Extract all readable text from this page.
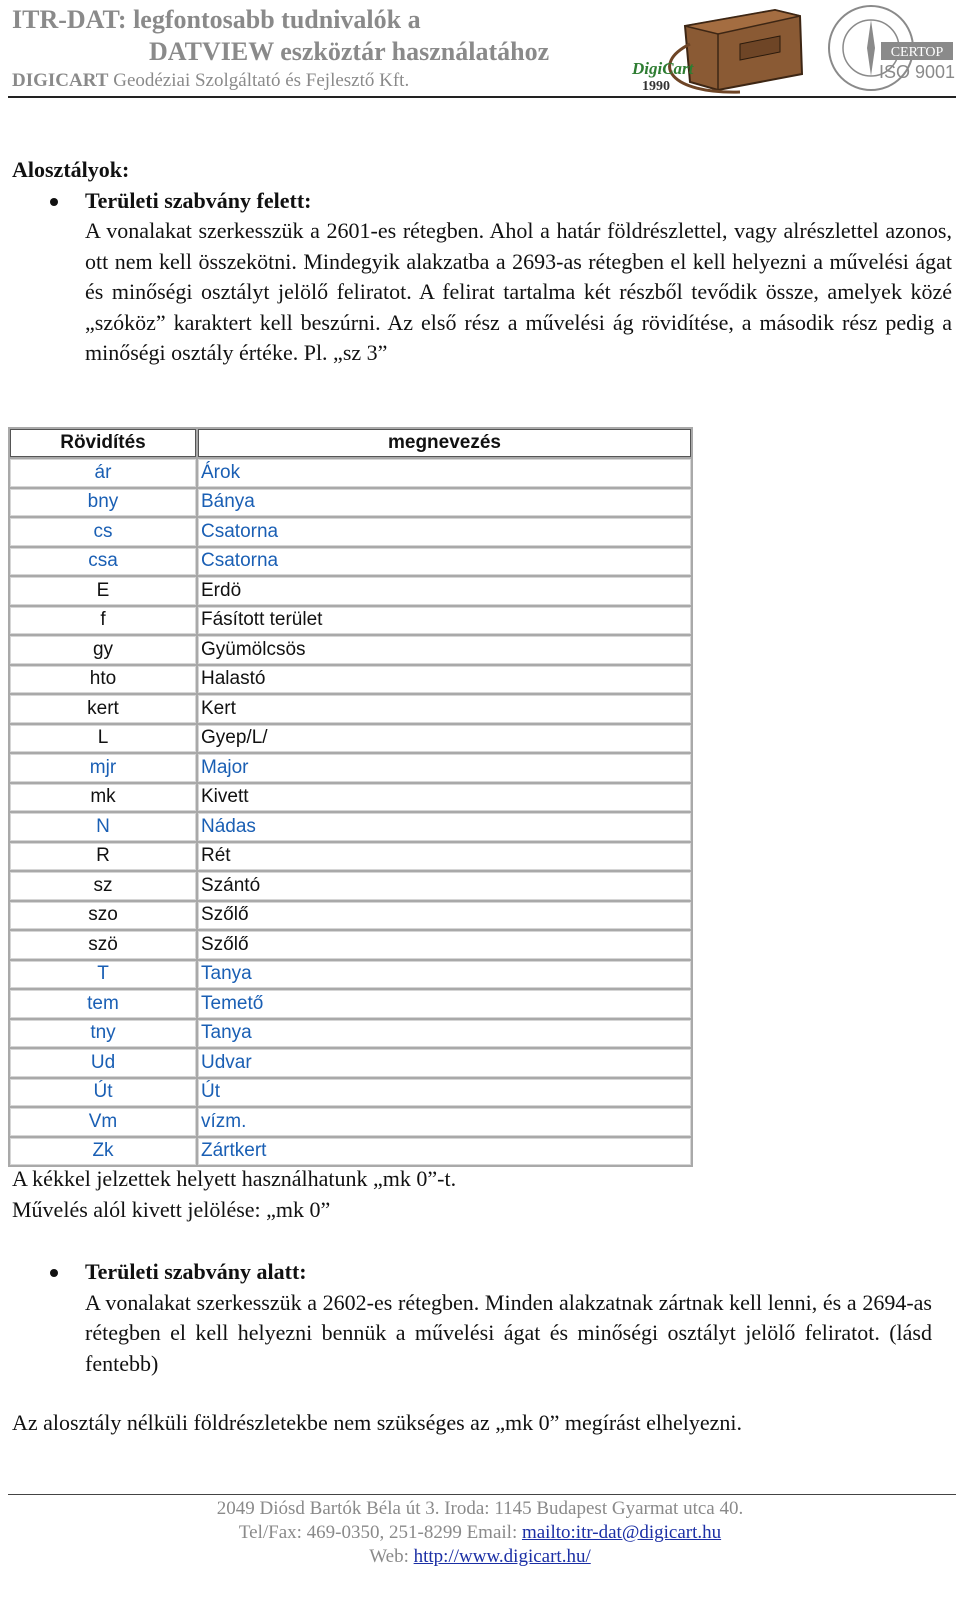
ITR-DAT: legfontosabb tudnivalók a
DATVIEW eszköztár használatához
DIGICART Geodéziai Szolgáltató és Fejlesztő Kft.
DigiCart
1990
CERTOP
ISO 9001

Alosztályok:

Területi szabvány felett:
A vonalakat szerkesszük a 2601-es rétegben. Ahol a határ földrészlettel, vagy alrészlettel azonos, ott nem kell összekötni. Mindegyik alakzatba a 2693-as rétegben el kell helyezni a művelési ágat és minőségi osztályt jelölő feliratot. A felirat tartalma két részből tevődik össze, amelyek közé „szóköz” karaktert kell beszúrni. Az első rész a művelési ág rövidítése, a második rész pedig a minőségi osztály értéke. Pl. „sz 3”
Rövidítés	megnevezés
ár	Árok
bny	Bánya
cs	Csatorna
csa	Csatorna
E	Erdö
f	Fásított terület
gy	Gyümölcsös
hto	Halastó
kert	Kert
L	Gyep/L/
mjr	Major
mk	Kivett
N	Nádas
R	Rét
sz	Szántó
szo	Szőlő
szö	Szőlő
T	Tanya
tem	Temető
tny	Tanya
Ud	Udvar
Út	Út
Vm	vízm.
Zk	Zártkert
A kékkel jelzettek helyett használhatunk „mk 0”-t.
Művelés alól kivett jelölése: „mk 0”
Területi szabvány alatt:
A vonalakat szerkesszük a 2602-es rétegben. Minden alakzatnak zártnak kell lenni, és a 2694-as rétegben el kell helyezni bennük a művelési ágat és minőségi osztályt jelölő feliratot. (lásd fentebb)
Az alosztály nélküli földrészletekbe nem szükséges az „mk 0” megírást elhelyezni.
2049 Diósd Bartók Béla út 3. Iroda: 1145 Budapest Gyarmat utca 40.
Tel/Fax: 469-0350, 251-8299 Email: mailto:itr-dat@digicart.hu
Web: http://www.digicart.hu/
